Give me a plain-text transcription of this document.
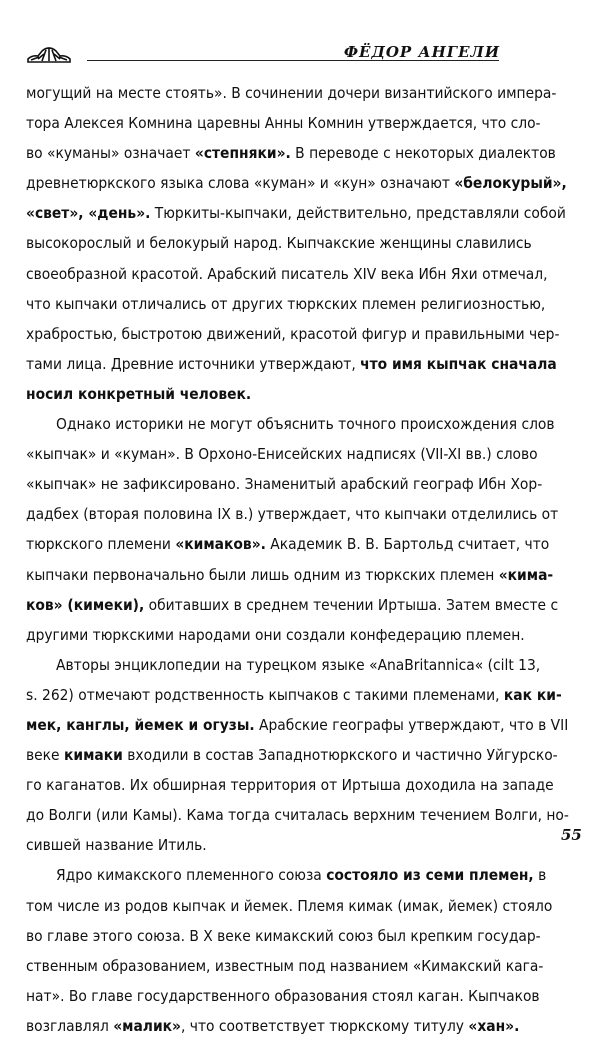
ФЁДОР АНГЕЛИ
могущий на месте стоять». В сочинении дочери византийского импера-
тора Алексея Комнина царевны Анны Комнин утверждается, что сло-
во «куманы» означает «степняки». В переводе с некоторых диалектов
древнетюркского языка слова «куман» и «кун» означают «белокурый»,
«свет», «день». Тюркиты-кыпчаки, действительно, представляли собой
высокорослый и белокурый народ. Кыпчакские женщины славились
своеобразной красотой. Арабский писатель XIV века Ибн Яхи отмечал,
что кыпчаки отличались от других тюркских племен религиозностью,
храбростью, быстротою движений, красотой фигур и правильными чер-
тами лица. Древние источники утверждают, что имя кыпчак сначала
носил конкретный человек.
Однако историки не могут объяснить точного происхождения слов
«кыпчак» и «куман». В Орхоно-Енисейских надписях (VII-XI вв.) слово
«кыпчак» не зафиксировано. Знаменитый арабский географ Ибн Хор-
дадбех (вторая половина IX в.) утверждает, что кыпчаки отделились от
тюркского племени «кимаков». Академик В. В. Бартольд считает, что
кыпчаки первоначально были лишь одним из тюркских племен «кима-
ков» (кимеки), обитавших в среднем течении Иртыша. Затем вместе с
другими тюркскими народами они создали конфедерацию племен.
Авторы энциклопедии на турецком языке «AnaBritannica« (cilt 13,
s. 262) отмечают родственность кыпчаков с такими племенами, как ки-
мек, канглы, йемек и огузы. Арабские географы утверждают, что в VII
веке кимаки входили в состав Западнотюркского и частично Уйгурско-
го каганатов. Их обширная территория от Иртыша доходила на западе
до Волги (или Камы). Кама тогда считалась верхним течением Волги, но-
сившей название Итиль.
Ядро кимакского племенного союза состояло из семи племен, в
том числе из родов кыпчак и йемек. Племя кимак (имак, йемек) стояло
во главе этого союза. В X веке кимакский союз был крепким государ-
ственным образованием, известным под названием «Кимакский кага-
нат». Во главе государственного образования стоял каган. Кыпчаков
возглавлял «малик», что соответствует тюркскому титулу «хан».
55
